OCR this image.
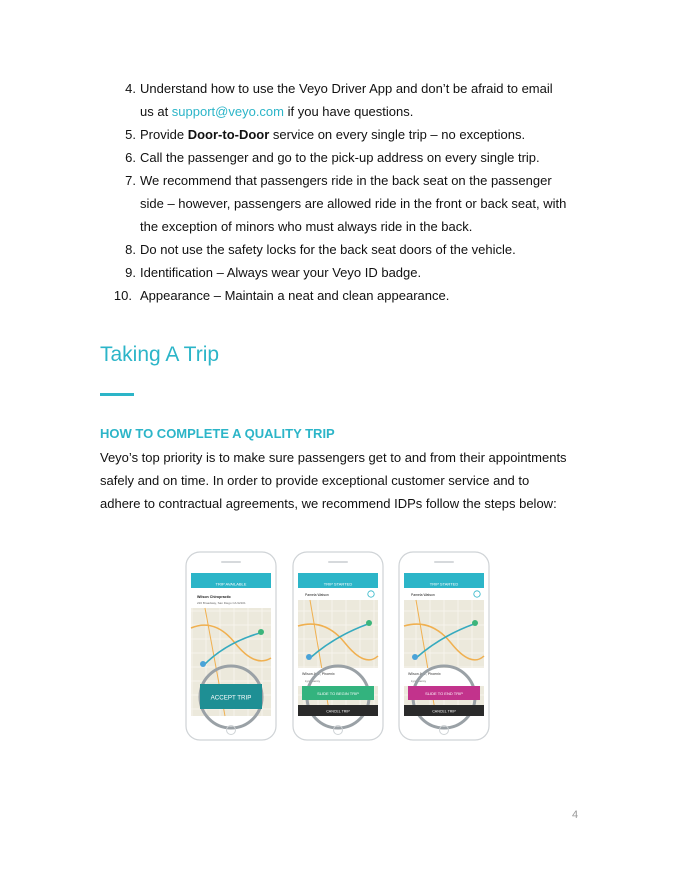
4. Understand how to use the Veyo Driver App and don’t be afraid to email
us at support@veyo.com if you have questions.
5. Provide Door-to-Door service on every single trip – no exceptions.
6. Call the passenger and go to the pick-up address on every single trip.
7. We recommend that passengers ride in the back seat on the passenger
side – however, passengers are allowed ride in the front or back seat, with
the exception of minors who must always ride in the back.
8. Do not use the safety locks for the back seat doors of the vehicle.
9. Identification – Always wear your Veyo ID badge.
10. Appearance – Maintain a neat and clean appearance.
Taking A Trip
HOW TO COMPLETE A QUALITY TRIP

Veyo’s top priority is to make sure passengers get to and from their appointments
safely and on time. In order to provide exceptional customer service and to
adhere to contractual agreements, we recommend IDPs follow the steps below:

TRIP AVAILABLE
Wilson Chiropractic
220 Broadway, San Diego CA 92101
ACCEPT TRIP
TRIP STARTED
Pamela Watson
Wilson Ave, Phoenix
Lynn Jensy
SLIDE TO BEGIN TRIP
CANCEL TRIP
TRIP STARTED
Pamela Watson
Wilson Ave, Phoenix
Lynn Jensy
SLIDE TO END TRIP
CANCEL TRIP
4
